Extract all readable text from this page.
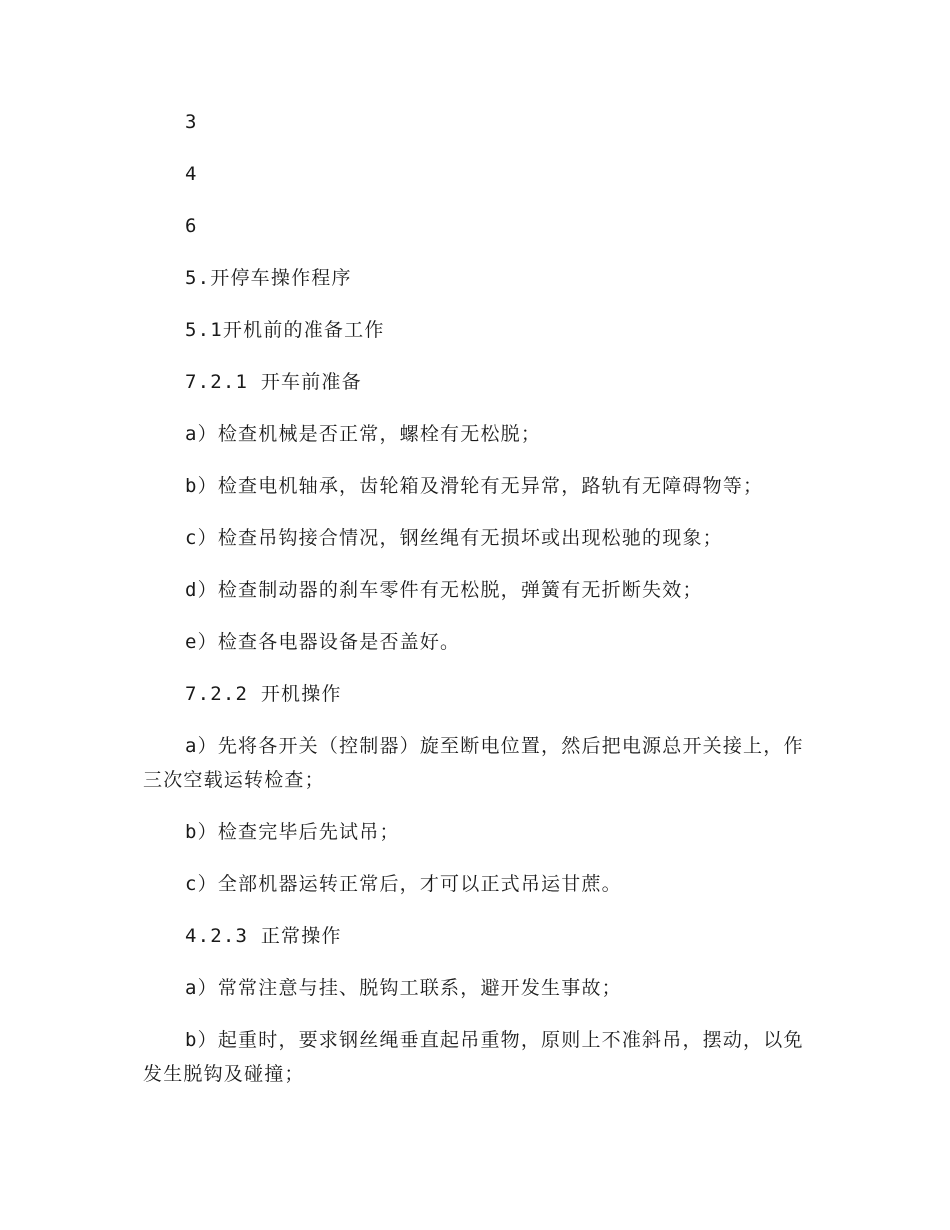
3

4

6

5.开停车操作程序

5.1开机前的准备工作

7.2.1 开车前准备

a）检查机械是否正常，螺栓有无松脱；

b）检查电机轴承，齿轮箱及滑轮有无异常，路轨有无障碍物等；

c）检查吊钩接合情况，钢丝绳有无损坏或出现松驰的现象；

d）检查制动器的刹车零件有无松脱，弹簧有无折断失效；

e）检查各电器设备是否盖好。

7.2.2 开机操作

a）先将各开关（控制器）旋至断电位置，然后把电源总开关接上，作三次空载运转检查；

b）检查完毕后先试吊；

c）全部机器运转正常后，才可以正式吊运甘蔗。

4.2.3 正常操作

a）常常注意与挂、脱钩工联系，避开发生事故；

b）起重时，要求钢丝绳垂直起吊重物，原则上不准斜吊，摆动，以免发生脱钩及碰撞；
